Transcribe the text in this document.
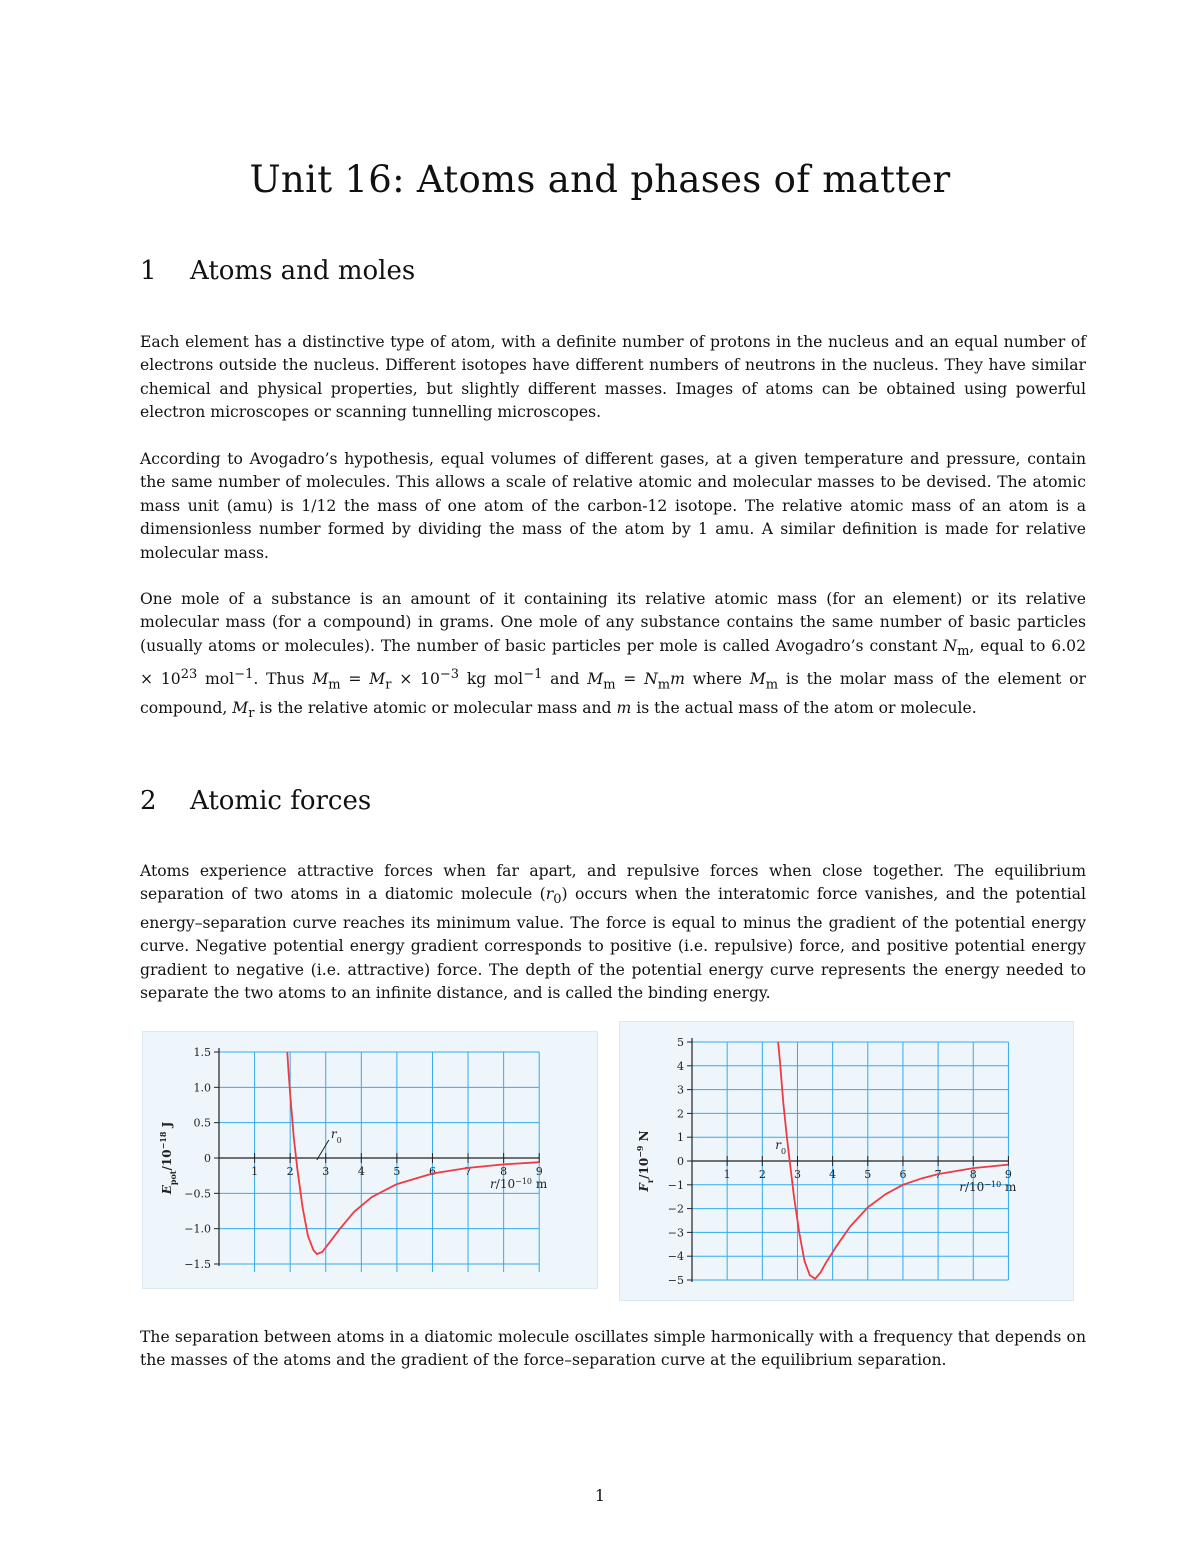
Unit 16: Atoms and phases of matter
1 Atoms and moles

Each element has a distinctive type of atom, with a definite number of protons in the nucleus and an equal number of electrons outside the nucleus. Different isotopes have different numbers of neutrons in the nucleus. They have similar chemical and physical properties, but slightly different masses. Images of atoms can be obtained using powerful electron microscopes or scanning tunnelling microscopes.

According to Avogadro’s hypothesis, equal volumes of different gases, at a given temperature and pressure, contain the same number of molecules. This allows a scale of relative atomic and molecular masses to be devised. The atomic mass unit (amu) is 1/12 the mass of one atom of the carbon-12 isotope. The relative atomic mass of an atom is a dimensionless number formed by dividing the mass of the atom by 1 amu. A similar definition is made for relative molecular mass.

One mole of a substance is an amount of it containing its relative atomic mass (for an element) or its relative molecular mass (for a compound) in grams. One mole of any substance contains the same number of basic particles (usually atoms or molecules). The number of basic particles per mole is called Avogadro’s constant $N_m$, equal to $6.02 \times 10^{23}$ mol$^{-1}$. Thus $M_m = M_r \times 10^{-3}$ kg mol$^{-1}$ and $M_m = N_mm$ where $M_m$ is the molar mass of the element or compound, $M_r$ is the relative atomic or molecular mass and m is the actual mass of the atom or molecule.

2 Atomic forces

Atoms experience attractive forces when far apart, and repulsive forces when close together. The equilibrium separation of two atoms in a diatomic molecule $(r_0)$ occurs when the interatomic force vanishes, and the potential energy–separation curve reaches its minimum value. The force is equal to minus the gradient of the potential energy curve. Negative potential energy gradient corresponds to positive (i.e. repulsive) force, and positive potential energy gradient to negative (i.e. attractive) force. The depth of the potential energy curve represents the energy needed to separate the two atoms to an infinite distance, and is called the binding energy.

1	2	3	4	5	6	7	8	9
1.5
1.0
0.5
0
−0.5
−1.0
−1.5
$r/10^{-10}$ m
$E_{pot}/10^{-18}$ J
$r_0$
1	2	3	4	5	6	7	8	9
5
4
3
2
1
0
−1
−2
−3
−4
−5
$r/10^{-10}$ m
$F_r/10^{-9}$ N	$r_0$

The separation between atoms in a diatomic molecule oscillates simple harmonically with a frequency that depends on the masses of the atoms and the gradient of the force–separation curve at the equilibrium separation.

1
